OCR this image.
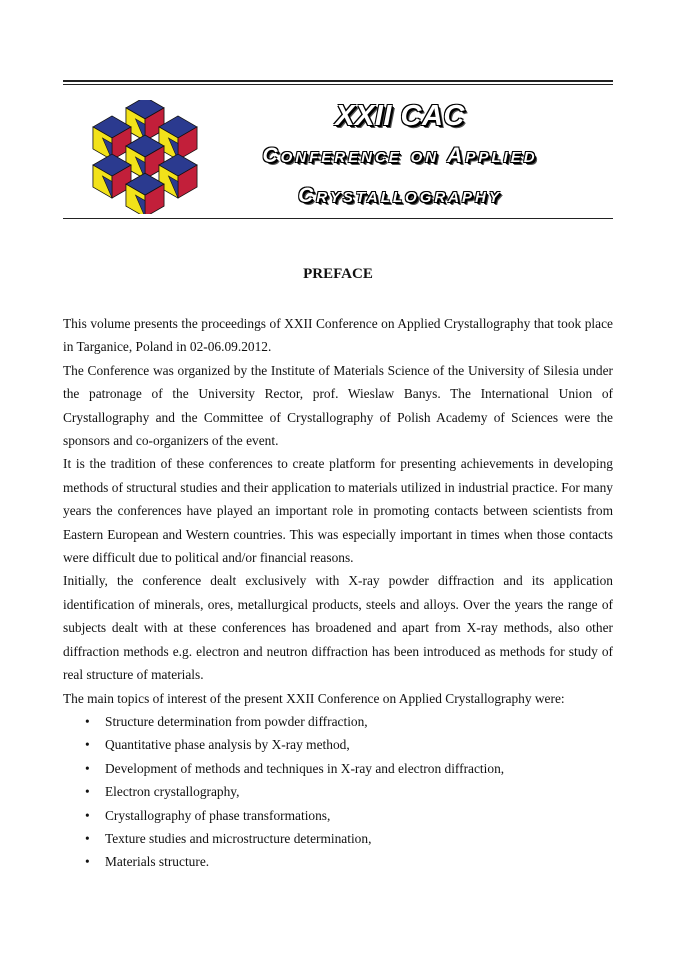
XXII CAC
Conference on Applied
Crystallography
PREFACE

This volume presents the proceedings of XXII Conference on Applied Crystallography that took place in Targanice, Poland in 02-06.09.2012.

The Conference was organized by the Institute of Materials Science of the University of Silesia under the patronage of the University Rector, prof. Wieslaw Banys. The International Union of Crystallography and the Committee of Crystallography of Polish Academy of Sciences were the sponsors and co-organizers of the event.

It is the tradition of these conferences to create platform for presenting achievements in developing methods of structural studies and their application to materials utilized in industrial practice. For many years the conferences have played an important role in promoting contacts between scientists from Eastern European and Western countries. This was especially important in times when those contacts were difficult due to political and/or financial reasons.

Initially, the conference dealt exclusively with X-ray powder diffraction and its application identification of minerals, ores, metallurgical products, steels and alloys. Over the years the range of subjects dealt with at these conferences has broadened and apart from X-ray methods, also other diffraction methods e.g. electron and neutron diffraction has been introduced as methods for study of real structure of materials.

The main topics of interest of the present XXII Conference on Applied Crystallography were:

• Structure determination from powder diffraction,
• Quantitative phase analysis by X-ray method,
• Development of methods and techniques in X-ray and electron diffraction,
• Electron crystallography,
• Crystallography of phase transformations,
• Texture studies and microstructure determination,
• Materials structure.
